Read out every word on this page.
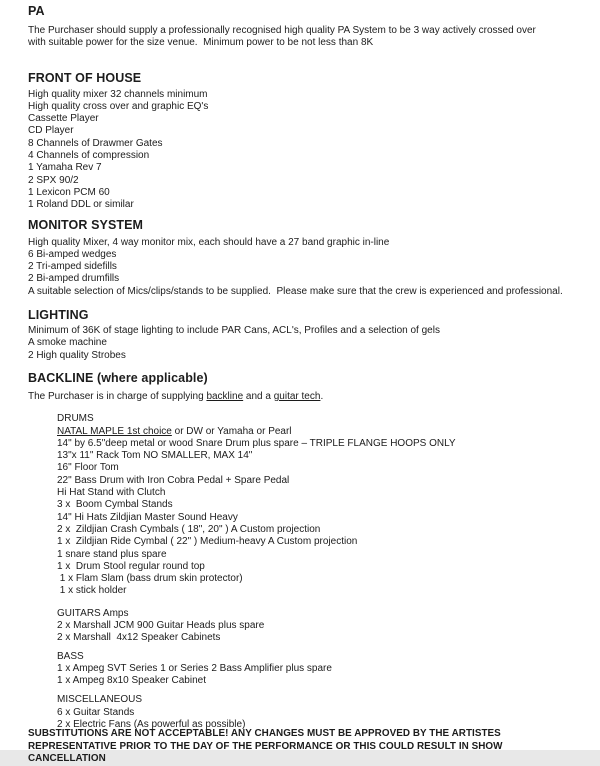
PA
The Purchaser should supply a professionally recognised high quality PA System to be 3 way actively crossed over
with suitable power for the size venue.  Minimum power to be not less than 8K
FRONT OF HOUSE
High quality mixer 32 channels minimum
High quality cross over and graphic EQ's
Cassette Player
CD Player
8 Channels of Drawmer Gates
4 Channels of compression
1 Yamaha Rev 7
2 SPX 90/2
1 Lexicon PCM 60
1 Roland DDL or similar
MONITOR SYSTEM
High quality Mixer, 4 way monitor mix, each should have a 27 band graphic in-line
6 Bi-amped wedges
2 Tri-amped sidefills
2 Bi-amped drumfills
A suitable selection of Mics/clips/stands to be supplied.  Please make sure that the crew is experienced and professional.
LIGHTING
Minimum of 36K of stage lighting to include PAR Cans, ACL's, Profiles and a selection of gels
A smoke machine
2 High quality Strobes
BACKLINE (where applicable)
The Purchaser is in charge of supplying backline and a guitar tech.
DRUMS
NATAL MAPLE 1st choice or DW or Yamaha or Pearl
14" by 6.5"deep metal or wood Snare Drum plus spare – TRIPLE FLANGE HOOPS ONLY
13"x 11" Rack Tom NO SMALLER, MAX 14"
16" Floor Tom
22" Bass Drum with Iron Cobra Pedal + Spare Pedal
Hi Hat Stand with Clutch
3 x  Boom Cymbal Stands
14" Hi Hats Zildjian Master Sound Heavy
2 x  Zildjian Crash Cymbals ( 18", 20" ) A Custom projection
1 x  Zildjian Ride Cymbal ( 22" ) Medium-heavy A Custom projection
1 snare stand plus spare
1 x  Drum Stool regular round top
1 x Flam Slam (bass drum skin protector)
1 x stick holder
GUITARS Amps
2 x Marshall JCM 900 Guitar Heads plus spare
2 x Marshall  4x12 Speaker Cabinets
BASS
1 x Ampeg SVT Series 1 or Series 2 Bass Amplifier plus spare
1 x Ampeg 8x10 Speaker Cabinet
MISCELLANEOUS
6 x Guitar Stands
2 x Electric Fans (As powerful as possible)
SUBSTITUTIONS ARE NOT ACCEPTABLE! ANY CHANGES MUST BE APPROVED BY THE ARTISTES
REPRESENTATIVE PRIOR TO THE DAY OF THE PERFORMANCE OR THIS COULD RESULT IN SHOW
CANCELLATION
